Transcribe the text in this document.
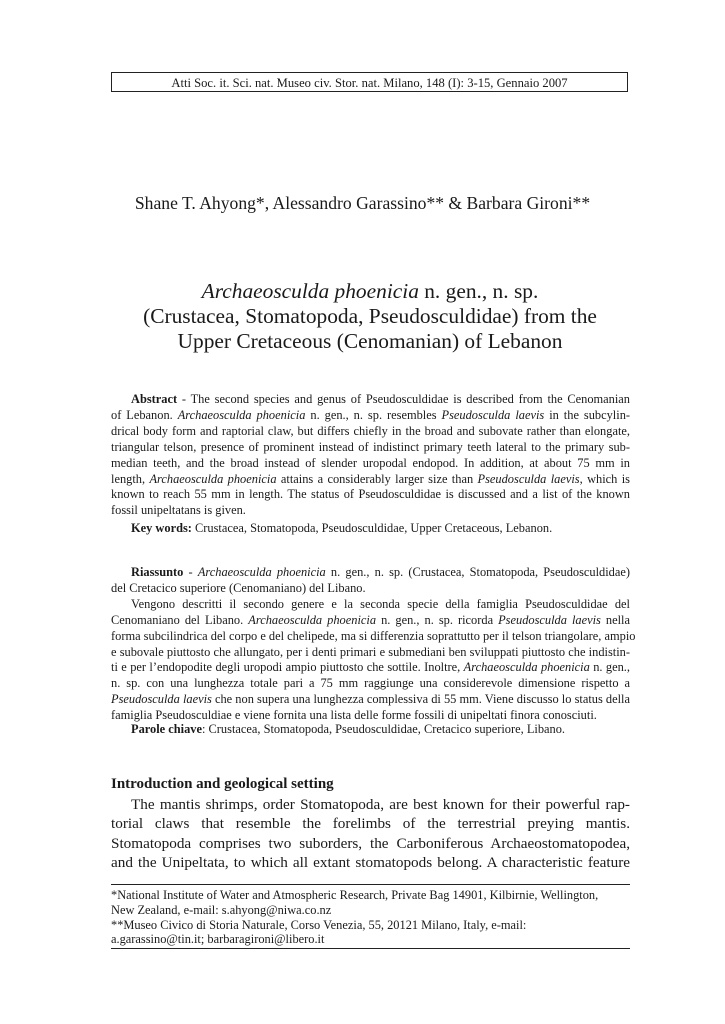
Atti Soc. it. Sci. nat. Museo civ. Stor. nat. Milano, 148 (I): 3-15, Gennaio 2007
Shane T. Ahyong*, Alessandro Garassino** & Barbara Gironi**
Archaeosculda phoenicia n. gen., n. sp.
(Crustacea, Stomatopoda, Pseudosculdidae) from the
Upper Cretaceous (Cenomanian) of Lebanon
Abstract - The second species and genus of Pseudosculdidae is described from the Cenomanian
of Lebanon. Archaeosculda phoenicia n. gen., n. sp. resembles Pseudosculda laevis in the subcylin-
drical body form and raptorial claw, but differs chiefly in the broad and subovate rather than elongate,
triangular telson, presence of prominent instead of indistinct primary teeth lateral to the primary sub-
median teeth, and the broad instead of slender uropodal endopod. In addition, at about 75 mm in
length, Archaeosculda phoenicia attains a considerably larger size than Pseudosculda laevis, which is
known to reach 55 mm in length. The status of Pseudosculdidae is discussed and a list of the known
fossil unipeltatans is given.
Key words: Crustacea, Stomatopoda, Pseudosculdidae, Upper Cretaceous, Lebanon.
Riassunto - Archaeosculda phoenicia n. gen., n. sp. (Crustacea, Stomatopoda, Pseudosculdidae)
del Cretacico superiore (Cenomaniano) del Libano.
Vengono descritti il secondo genere e la seconda specie della famiglia Pseudosculdidae del
Cenomaniano del Libano. Archaeosculda phoenicia n. gen., n. sp. ricorda Pseudosculda laevis nella
forma subcilindrica del corpo e del chelipede, ma si differenzia soprattutto per il telson triangolare, ampio
e subovale piuttosto che allungato, per i denti primari e submediani ben sviluppati piuttosto che indistin-
ti e per l’endopodite degli uropodi ampio piuttosto che sottile. Inoltre, Archaeosculda phoenicia n. gen.,
n. sp. con una lunghezza totale pari a 75 mm raggiunge una considerevole dimensione rispetto a
Pseudosculda laevis che non supera una lunghezza complessiva di 55 mm. Viene discusso lo status della
famiglia Pseudosculdiae e viene fornita una lista delle forme fossili di unipeltati finora conosciuti.
Parole chiave: Crustacea, Stomatopoda, Pseudosculdidae, Cretacico superiore, Libano.
Introduction and geological setting
The mantis shrimps, order Stomatopoda, are best known for their powerful rap-
torial claws that resemble the forelimbs of the terrestrial preying mantis.
Stomatopoda comprises two suborders, the Carboniferous Archaeostomatopodea,
and the Unipeltata, to which all extant stomatopods belong. A characteristic feature
*National Institute of Water and Atmospheric Research, Private Bag 14901, Kilbirnie, Wellington,
New Zealand, e-mail: s.ahyong@niwa.co.nz
**Museo Civico di Storia Naturale, Corso Venezia, 55, 20121 Milano, Italy, e-mail:
a.garassino@tin.it; barbaragironi@libero.it
